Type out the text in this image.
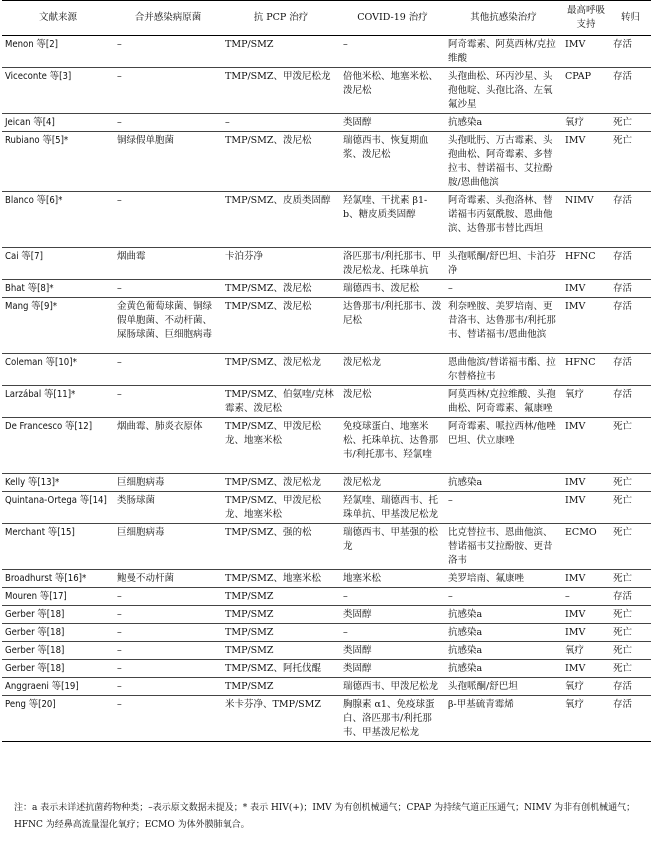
文献来源	合并感染病原菌	抗 PCP 治疗	COVID-19 治疗	其他抗感染治疗	最高呼吸支持	转归
Menon 等[2]	–	TMP/SMZ	–	阿奇霉素、阿莫西林/克拉维酸	IMV	存活
Viceconte 等[3]	–	TMP/SMZ、甲泼尼松龙	倍他米松、地塞米松、泼尼松	头孢曲松、环丙沙星、头孢他啶、头孢比洛、左氧氟沙星	CPAP	存活
Jeican 等[4]	–	–	类固醇	抗感染a	氧疗	死亡
Rubiano 等[5]*	铜绿假单胞菌	TMP/SMZ、泼尼松	瑞德西韦、恢复期血浆、泼尼松	头孢吡肟、万古霉素、头孢曲松、阿奇霉素、多替拉韦、替诺福韦、艾拉酚胺/恩曲他滨	IMV	死亡
Blanco 等[6]*	–	TMP/SMZ、皮质类固醇	羟氯喹、干扰素 β1-b、糖皮质类固醇	阿奇霉素、头孢洛林、替诺福韦丙氨酰胺、恩曲他滨、达鲁那韦替比西坦	NIMV	存活
Cai 等[7]	烟曲霉	卡泊芬净	洛匹那韦/利托那韦、甲泼尼松龙、托珠单抗	头孢哌酮/舒巴坦、卡泊芬净	HFNC	存活
Bhat 等[8]*	–	TMP/SMZ、泼尼松	瑞德西韦、泼尼松	–	IMV	存活
Mang 等[9]*	金黄色葡萄球菌、铜绿假单胞菌、不动杆菌、屎肠球菌、巨细胞病毒	TMP/SMZ、泼尼松	达鲁那韦/利托那韦、泼尼松	利奈唑胺、美罗培南、更昔洛韦、达鲁那韦/利托那韦、替诺福韦/恩曲他滨	IMV	存活
Coleman 等[10]*	–	TMP/SMZ、泼尼松龙	泼尼松龙	恩曲他滨/替诺福韦酯、拉尔替格拉韦	HFNC	存活
Larzábal 等[11]*	–	TMP/SMZ、伯氨喹/克林霉素、泼尼松	泼尼松	阿莫西林/克拉维酸、头孢曲松、阿奇霉素、氟康唑	氧疗	存活
De Francesco 等[12]	烟曲霉、肺炎衣原体	TMP/SMZ、甲泼尼松龙、地塞米松	免疫球蛋白、地塞米松、托珠单抗、达鲁那韦/利托那韦、羟氯喹	阿奇霉素、哌拉西林/他唑巴坦、伏立康唑	IMV	死亡
Kelly 等[13]*	巨细胞病毒	TMP/SMZ、泼尼松龙	泼尼松龙	抗感染a	IMV	死亡
Quintana-Ortega 等[14]	类肠球菌	TMP/SMZ、甲泼尼松龙、地塞米松	羟氯喹、瑞德西韦、托珠单抗、甲基泼尼松龙	–	IMV	死亡
Merchant 等[15]	巨细胞病毒	TMP/SMZ、强的松	瑞德西韦、甲基强的松龙	比克替拉韦、恩曲他滨、替诺福韦艾拉酚胺、更昔洛韦	ECMO	死亡
Broadhurst 等[16]*	鲍曼不动杆菌	TMP/SMZ、地塞米松	地塞米松	美罗培南、氟康唑	IMV	死亡
Mouren 等[17]	–	TMP/SMZ	–	–	–	存活
Gerber 等[18]	–	TMP/SMZ	类固醇	抗感染a	IMV	死亡
Gerber 等[18]	–	TMP/SMZ	–	抗感染a	IMV	死亡
Gerber 等[18]	–	TMP/SMZ	类固醇	抗感染a	氧疗	死亡
Gerber 等[18]	–	TMP/SMZ、阿托伐醌	类固醇	抗感染a	IMV	死亡
Anggraeni 等[19]	–	TMP/SMZ	瑞德西韦、甲泼尼松龙	头孢哌酮/舒巴坦	氧疗	存活
Peng 等[20]	–	米卡芬净、TMP/SMZ	胸腺素 α1、免疫球蛋白、洛匹那韦/利托那韦、甲基泼尼松龙	β-甲基硫青霉烯	氧疗	存活
注：a 表示未详述抗菌药物种类；–表示原文数据未提及；* 表示 HIV(+)；IMV 为有创机械通气；CPAP 为持续气道正压通气；NIMV 为非有创机械通气；HFNC 为经鼻高流量湿化氧疗；ECMO 为体外膜肺氧合。
